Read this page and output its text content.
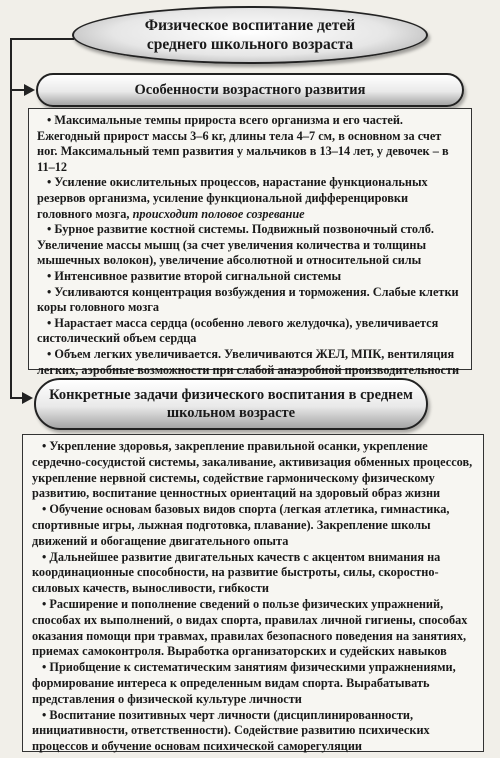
Физическое воспитание детей
среднего школьного возраста
Особенности возрастного развития
• Максимальные темпы прироста всего организма и его частей. Ежегодный прирост массы 3–6 кг, длины тела 4–7 см, в основном за счет ног. Максимальный темп развития у мальчиков в 13–14 лет, у девочек – в 11–12
• Усиление окислительных процессов, нарастание функциональных резервов организма, усиление функциональной дифференцировки головного мозга, происходит половое созревание
• Бурное развитие костной системы. Подвижный позвоночный столб. Увеличение массы мышц (за счет увеличения количества и толщины мышечных волокон), увеличение абсолютной и относительной силы
• Интенсивное развитие второй сигнальной системы
• Усиливаются концентрация возбуждения и торможения. Слабые клетки коры головного мозга
• Нарастает масса сердца (особенно левого желудочка), увеличивается систолический объем сердца
• Объем легких увеличивается. Увеличиваются ЖЕЛ, МПК, вентиляция легких, аэробные возможности при слабой анаэробной производительности
Конкретные задачи физического воспитания в среднем
школьном возрасте
• Укрепление здоровья, закрепление правильной осанки, укрепление сердечно-сосудистой системы, закаливание, активизация обменных процессов, укрепление нервной системы, содействие гармоническому физическому развитию, воспитание ценностных ориентаций на здоровый образ жизни
• Обучение основам базовых видов спорта (легкая атлетика, гимнастика, спортивные игры, лыжная подготовка, плавание). Закрепление школы движений и обогащение двигательного опыта
• Дальнейшее развитие двигательных качеств с акцентом внимания на координационные способности, на развитие быстроты, силы, скоростно-силовых качеств, выносливости, гибкости
• Расширение и пополнение сведений о пользе физических упражнений, способах их выполнений, о видах спорта, правилах личной гигиены, способах оказания помощи при травмах, правилах безопасного поведения на занятиях, приемах самоконтроля. Выработка организаторских и судейских навыков
• Приобщение к систематическим занятиям физическими упражнениями, формирование интереса к определенным видам спорта. Вырабатывать представления о физической культуре личности
• Воспитание позитивных черт личности (дисциплинированности, инициативности, ответственности). Содействие развитию психических процессов и обучение основам психической саморегуляции
